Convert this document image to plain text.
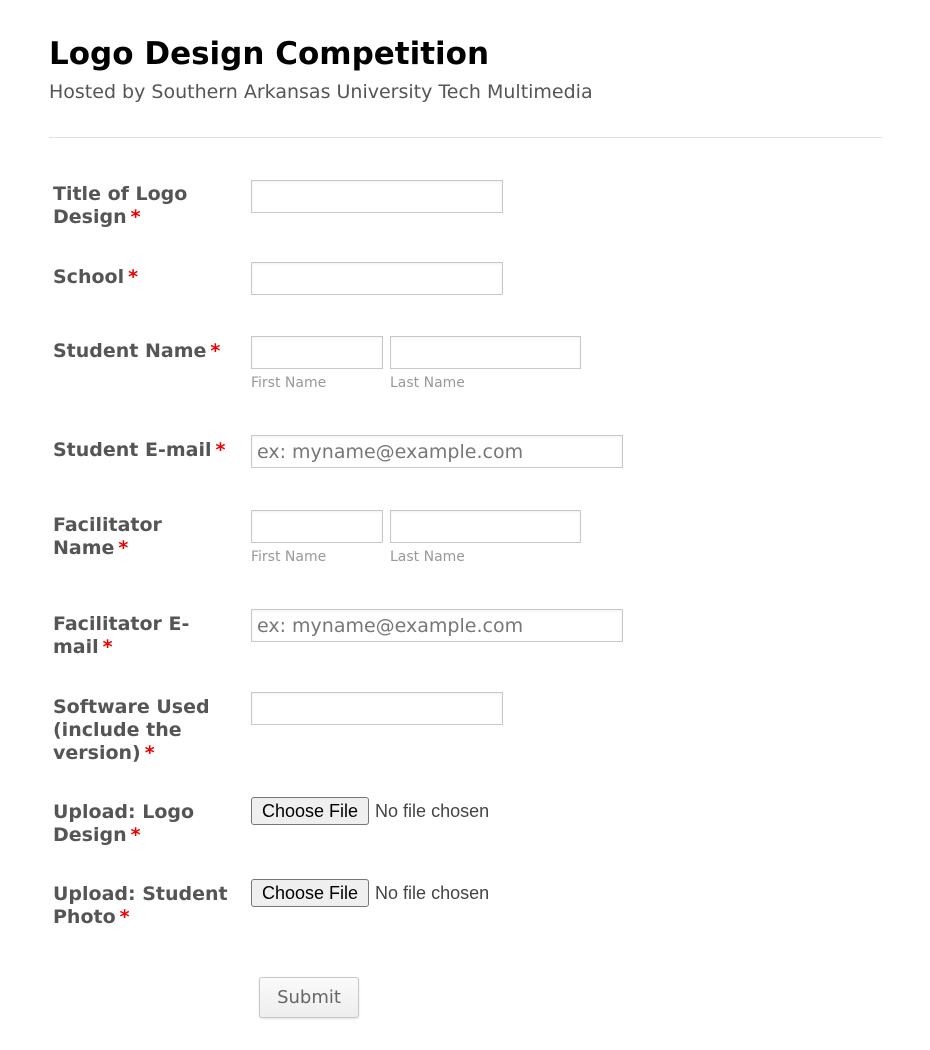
Logo Design Competition

Hosted by Southern Arkansas University Tech Multimedia

Title of Logo Design *
School *
Student Name *
First Name	Last Name
Student E-mail *
ex: myname@example.com
Facilitator Name *	First Name	Last Name
Facilitator E-mail *
ex: myname@example.com
Software Used (include the version) *
Upload: Logo Design *
Choose File No file chosen
Upload: Student Photo *
Choose File No file chosen
Submit
